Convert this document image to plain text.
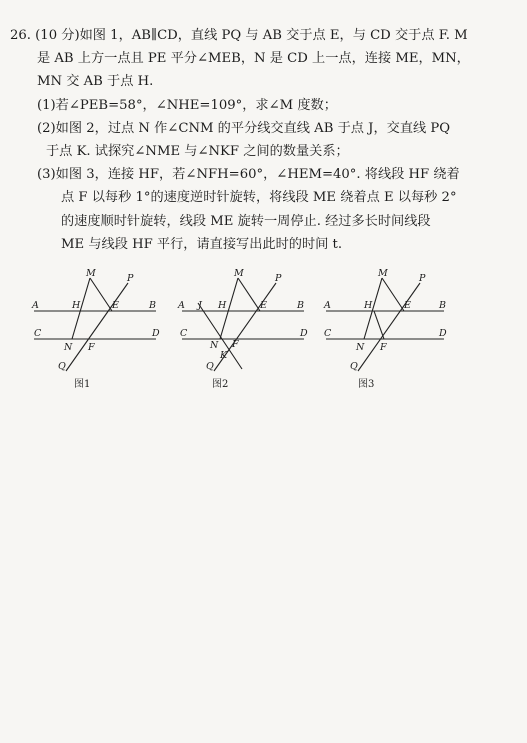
26. (10 分)如图 1，AB∥CD，直线 PQ 与 AB 交于点 E，与 CD 交于点 F. M
是 AB 上方一点且 PE 平分∠MEB，N 是 CD 上一点，连接 ME，MN，
MN 交 AB 于点 H.
(1)若∠PEB=58°，∠NHE=109°，求∠M 度数；
(2)如图 2，过点 N 作∠CNM 的平分线交直线 AB 于点 J，交直线 PQ
于点 K. 试探究∠NME 与∠NKF 之间的数量关系；
(3)如图 3，连接 HF，若∠NFH=60°，∠HEM=40°. 将线段 HF 绕着
点 F 以每秒 1°的速度逆时针旋转，将线段 ME 绕着点 E 以每秒 2°
的速度顺时针旋转，线段 ME 旋转一周停止. 经过多长时间线段
ME 与线段 HF 平行，请直接写出此时的时间 t.
M	P
A	H	E	B
C	D
N F
Q
图1
M	P
A J H	E	B
C	D
N F
K
Q
图2
M	P
A	H	E	B
C	D
N F
Q
图3
